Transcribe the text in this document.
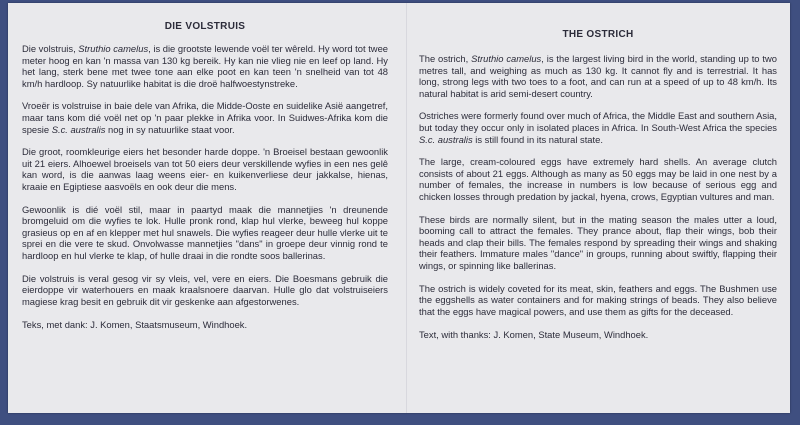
DIE VOLSTRUIS

Die volstruis, Struthio camelus, is die grootste lewende voël ter wêreld. Hy word tot twee meter hoog en kan 'n massa van 130 kg bereik. Hy kan nie vlieg nie en leef op land. Hy het lang, sterk bene met twee tone aan elke poot en kan teen 'n snelheid van tot 48 km/h hardloop. Sy natuurlike habitat is die droë halfwoestynstreke.

Vroeër is volstruise in baie dele van Afrika, die Midde-Ooste en suidelike Asië aangetref, maar tans kom dié voël net op 'n paar plekke in Afrika voor. In Suidwes-Afrika kom die spesie S.c. australis nog in sy natuurlike staat voor.

Die groot, roomkleurige eiers het besonder harde doppe. 'n Broeisel bestaan gewoonlik uit 21 eiers. Alhoewel broeisels van tot 50 eiers deur verskillende wyfies in een nes gelê kan word, is die aanwas laag weens eier- en kuikenverliese deur jakkalse, hienas, kraaie en Egiptiese aasvoëls en ook deur die mens.

Gewoonlik is dié voël stil, maar in paartyd maak die mannetjies 'n dreunende bromgeluid om die wyfies te lok. Hulle pronk rond, klap hul vlerke, beweeg hul koppe grasieus op en af en klepper met hul snawels. Die wyfies reageer deur hulle vlerke uit te sprei en die vere te skud. Onvolwasse mannetjies "dans" in groepe deur vinnig rond te hardloop en hul vlerke te klap, of hulle draai in die rondte soos ballerinas.

Die volstruis is veral gesog vir sy vleis, vel, vere en eiers. Die Boesmans gebruik die eierdoppe vir waterhouers en maak kraalsnoere daarvan. Hulle glo dat volstruiseiers magiese krag besit en gebruik dit vir geskenke aan afgestorwenes.

Teks, met dank: J. Komen, Staatsmuseum, Windhoek.

THE OSTRICH

The ostrich, Struthio camelus, is the largest living bird in the world, standing up to two metres tall, and weighing as much as 130 kg. It cannot fly and is terrestrial. It has long, strong legs with two toes to a foot, and can run at a speed of up to 48 km/h. Its natural habitat is arid semi-desert country.

Ostriches were formerly found over much of Africa, the Middle East and southern Asia, but today they occur only in isolated places in Africa. In South-West Africa the species S.c. australis is still found in its natural state.

The large, cream-coloured eggs have extremely hard shells. An average clutch consists of about 21 eggs. Although as many as 50 eggs may be laid in one nest by a number of females, the increase in numbers is low because of serious egg and chicken losses through predation by jackal, hyena, crows, Egyptian vultures and man.

These birds are normally silent, but in the mating season the males utter a loud, booming call to attract the females. They prance about, flap their wings, bob their heads and clap their bills. The females respond by spreading their wings and shaking their feathers. Immature males "dance" in groups, running about swiftly, flapping their wings, or spinning like ballerinas.

The ostrich is widely coveted for its meat, skin, feathers and eggs. The Bushmen use the eggshells as water containers and for making strings of beads. They also believe that the eggs have magical powers, and use them as gifts for the deceased.

Text, with thanks: J. Komen, State Museum, Windhoek.
